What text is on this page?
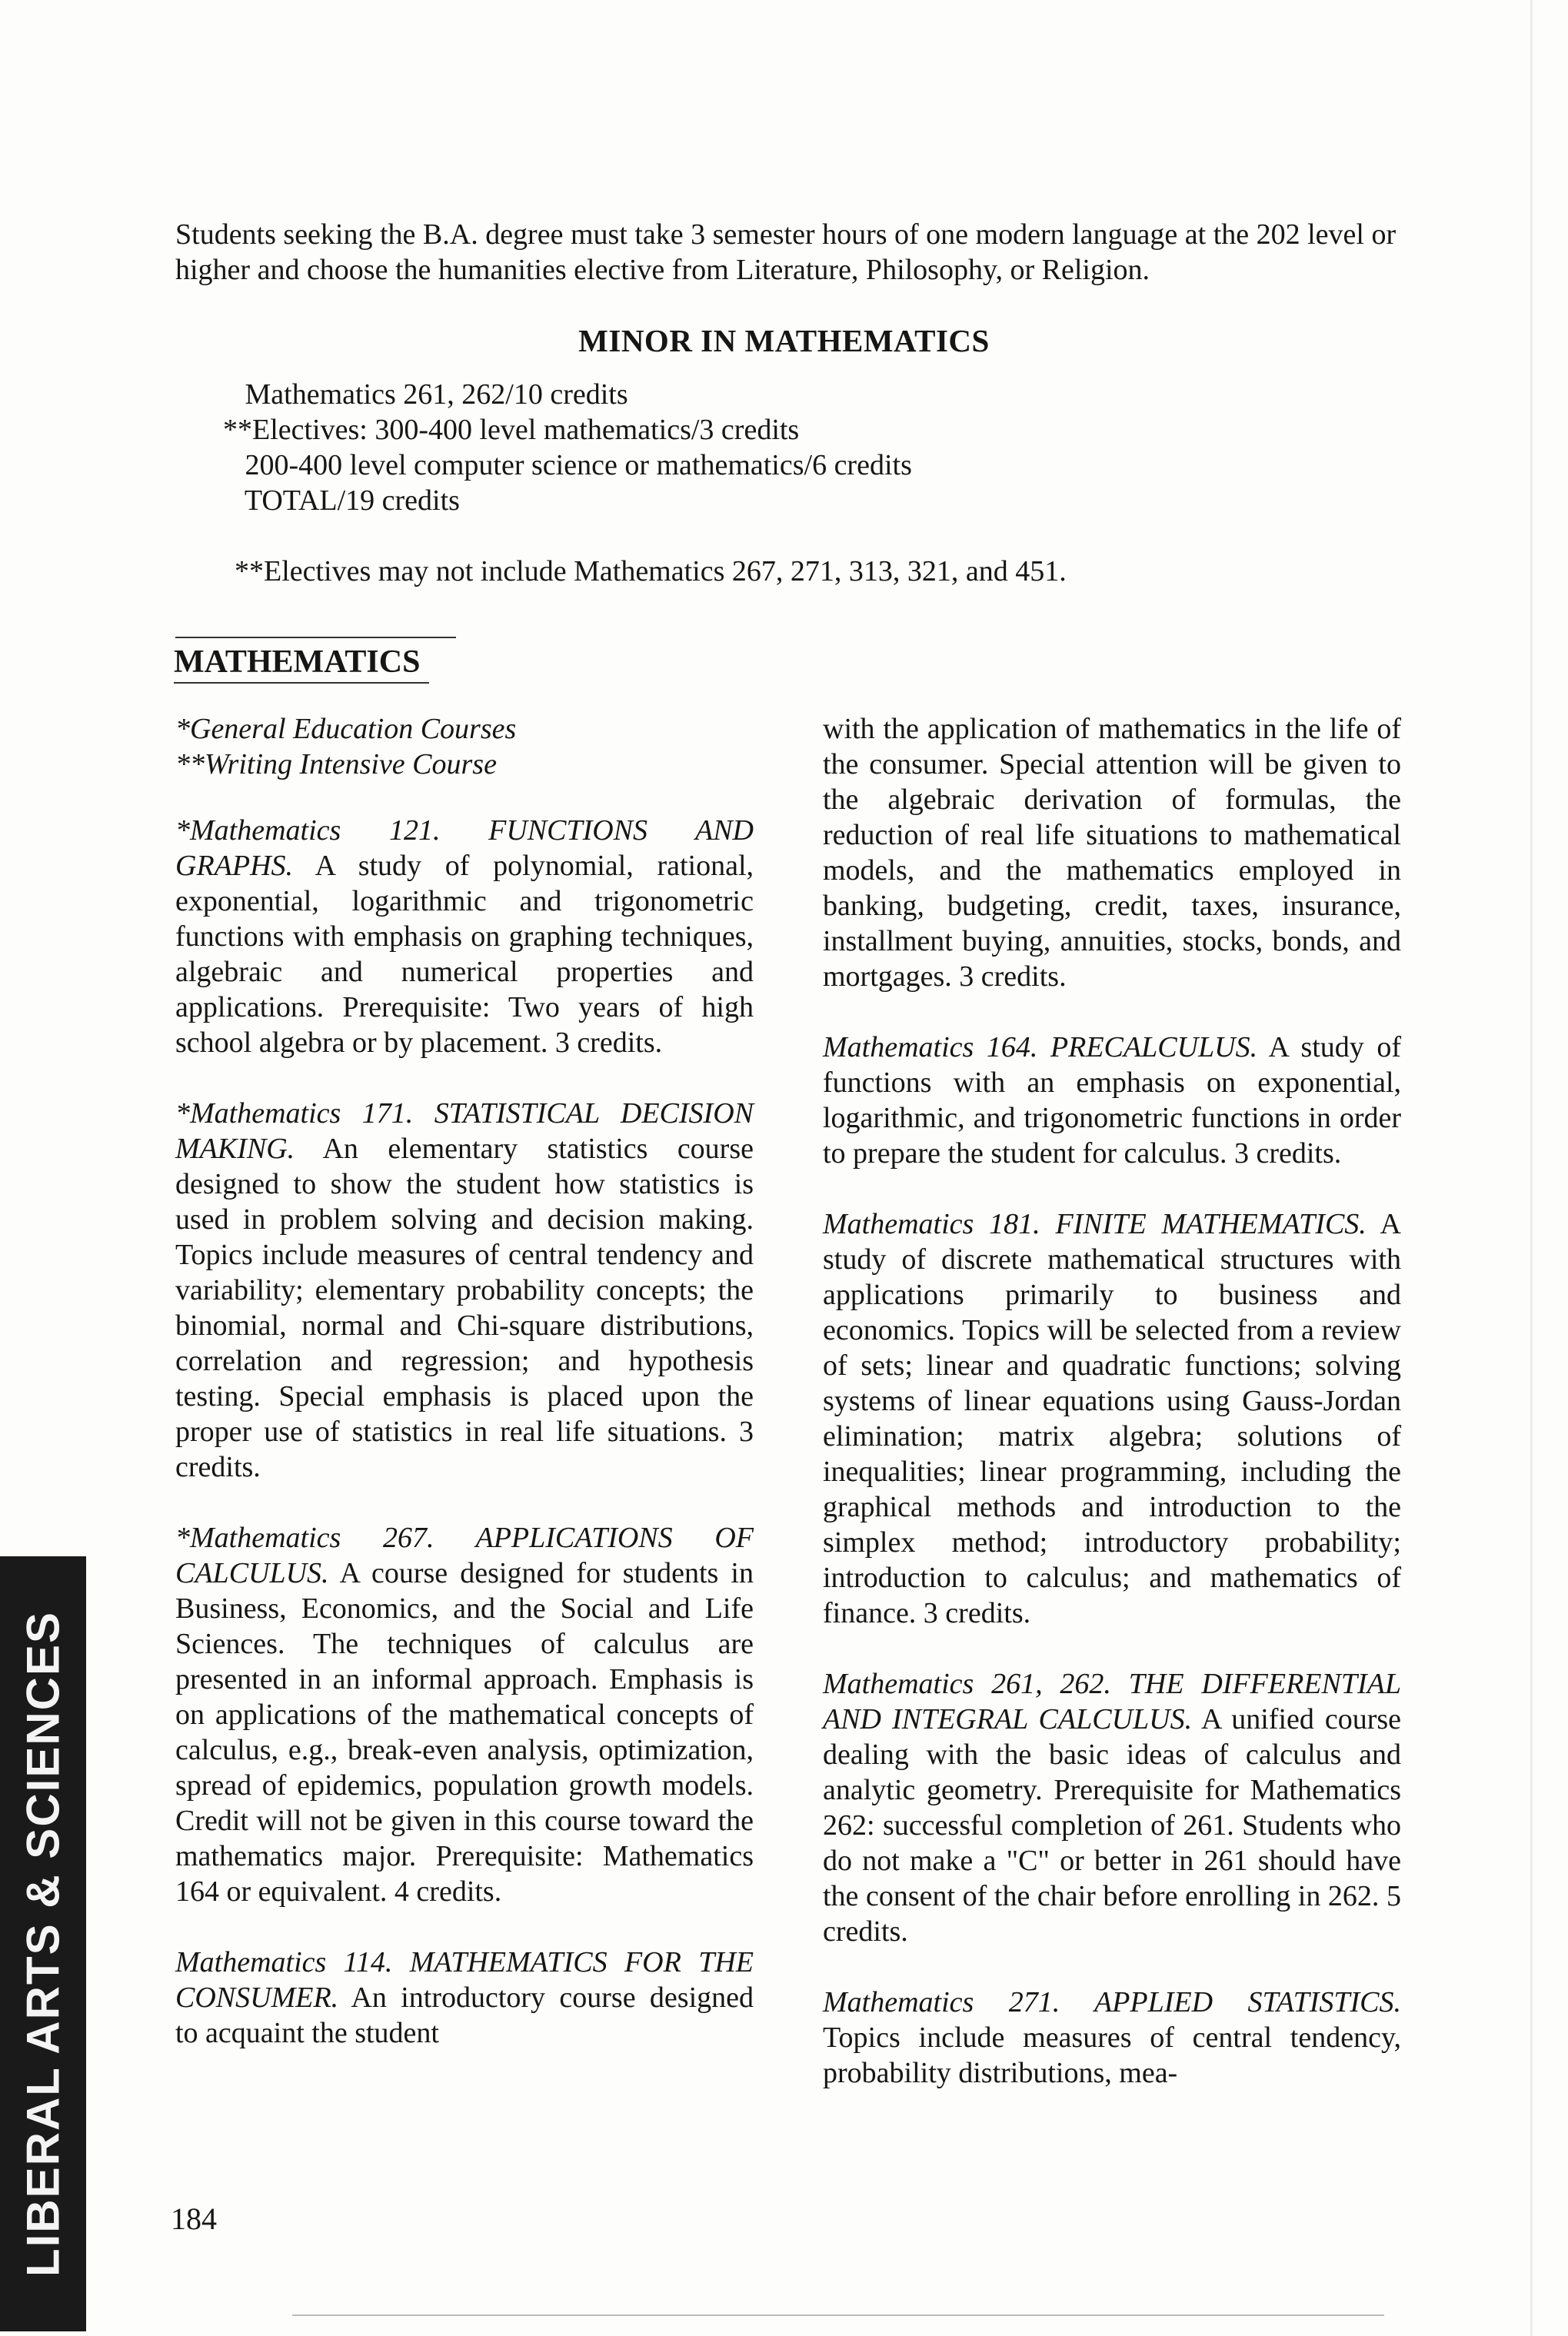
Students seeking the B.A. degree must take 3 semester hours of one modern language at the 202 level or higher and choose the humanities elective from Literature, Philosophy, or Religion.

MINOR IN MATHEMATICS
Mathematics 261, 262/10 credits
**Electives: 300-400 level mathematics/3 credits
200-400 level computer science or mathematics/6 credits
TOTAL/19 credits
**Electives may not include Mathematics 267, 271, 313, 321, and 451.
MATHEMATICS

*General Education Courses

**Writing Intensive Course

*Mathematics 121. FUNCTIONS AND GRAPHS. A study of polynomial, rational, exponential, logarithmic and trigonometric functions with emphasis on graphing techniques, algebraic and numerical properties and applications. Prerequisite: Two years of high school algebra or by placement. 3 credits.

*Mathematics 171. STATISTICAL DECISION MAKING. An elementary statistics course designed to show the student how statistics is used in problem solving and decision making. Topics include measures of central tendency and variability; elementary probability concepts; the binomial, normal and Chi-square distributions, correlation and regression; and hypothesis testing. Special emphasis is placed upon the proper use of statistics in real life situations. 3 credits.

*Mathematics 267. APPLICATIONS OF CALCULUS. A course designed for students in Business, Economics, and the Social and Life Sciences. The techniques of calculus are presented in an informal approach. Emphasis is on applications of the mathematical concepts of calculus, e.g., break-even analysis, optimization, spread of epidemics, population growth models. Credit will not be given in this course toward the mathematics major. Prerequisite: Mathematics 164 or equivalent. 4 credits.

Mathematics 114. MATHEMATICS FOR THE CONSUMER. An introductory course designed to acquaint the student

with the application of mathematics in the life of the consumer. Special attention will be given to the algebraic derivation of formulas, the reduction of real life situations to mathematical models, and the mathematics employed in banking, budgeting, credit, taxes, insurance, installment buying, annuities, stocks, bonds, and mortgages. 3 credits.

Mathematics 164. PRECALCULUS. A study of functions with an emphasis on exponential, logarithmic, and trigonometric functions in order to prepare the student for calculus. 3 credits.

Mathematics 181. FINITE MATHEMATICS. A study of discrete mathematical structures with applications primarily to business and economics. Topics will be selected from a review of sets; linear and quadratic functions; solving systems of linear equations using Gauss-Jordan elimination; matrix algebra; solutions of inequalities; linear programming, including the graphical methods and introduction to the simplex method; introductory probability; introduction to calculus; and mathematics of finance. 3 credits.

Mathematics 261, 262. THE DIFFERENTIAL AND INTEGRAL CALCULUS. A unified course dealing with the basic ideas of calculus and analytic geometry. Prerequisite for Mathematics 262: successful completion of 261. Students who do not make a "C" or better in 261 should have the consent of the chair before enrolling in 262. 5 credits.

Mathematics 271. APPLIED STATISTICS. Topics include measures of central tendency, probability distributions, mea-

184
LIBERAL ARTS & SCIENCES
